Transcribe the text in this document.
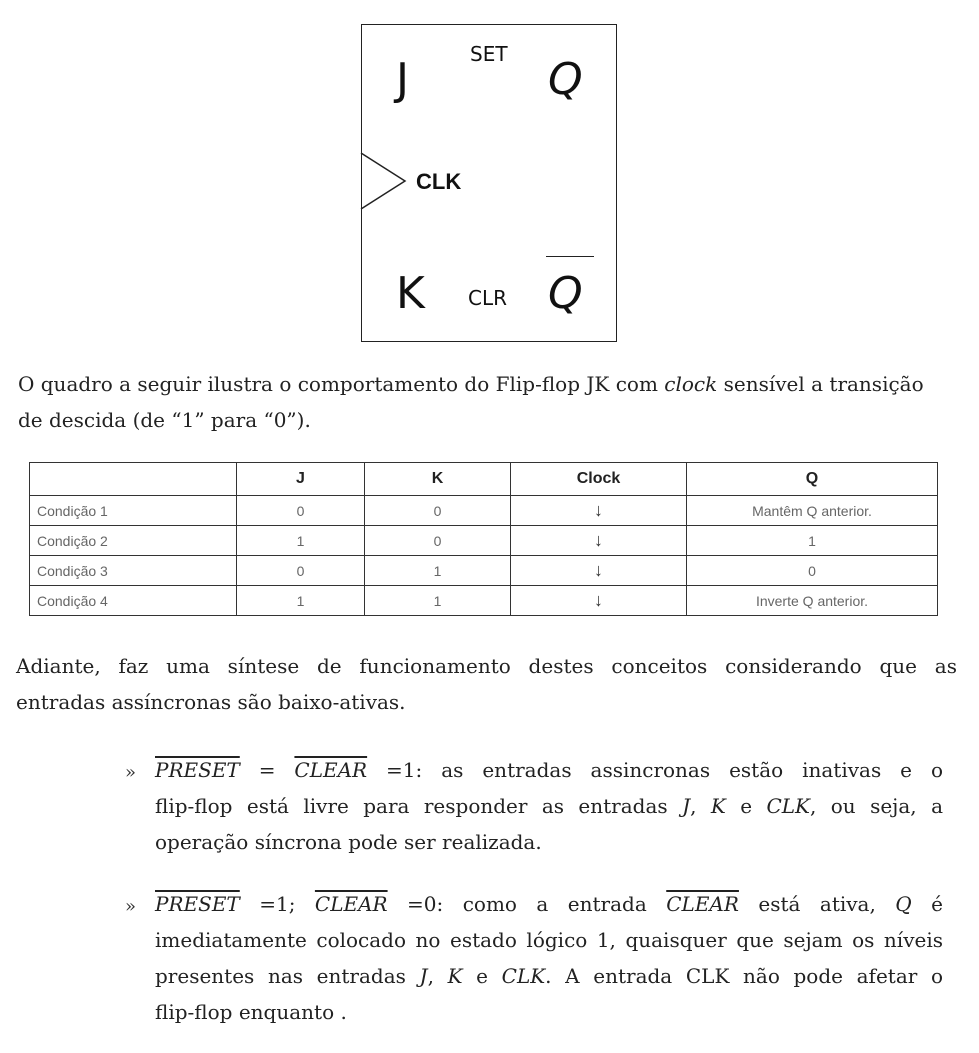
J	SET Q
CLK
K CLR Q

O quadro a seguir ilustra o comportamento do Flip-flop JK com clock sensível a transição
de descida (de “1” para “0”).

	J	K	Clock	Q
Condição 1	0	0	↓	Mantêm Q anterior.
Condição 2	1	0	↓	1
Condição 3	0	1	↓	0
Condição 4	1	1	↓	Inverte Q anterior.

Adiante, faz uma síntese de funcionamento destes conceitos considerando que as
entradas assíncronas são baixo-ativas.

» PRESET = CLEAR =1: as entradas assincronas estão inativas e o
flip-flop está livre para responder as entradas J, K e CLK, ou seja, a
operação síncrona pode ser realizada.

» PRESET =1; CLEAR =0: como a entrada CLEAR está ativa, Q é
imediatamente colocado no estado lógico 1, quaisquer que sejam os níveis
presentes nas entradas J, K e CLK. A entrada CLK não pode afetar o
flip-flop enquanto .
